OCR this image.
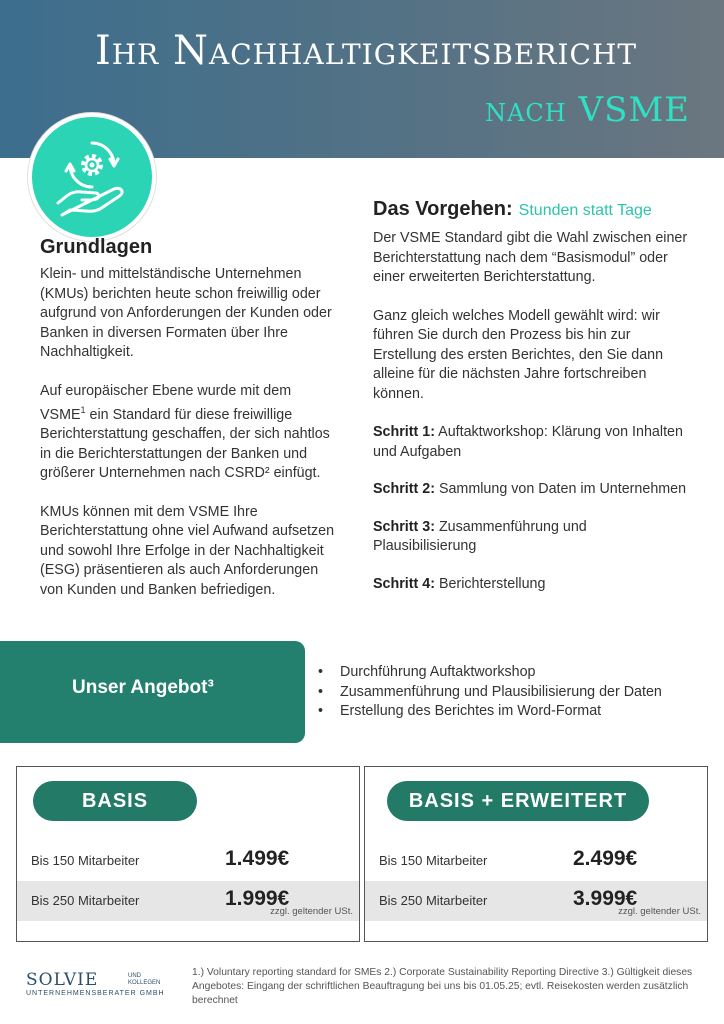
Ihr Nachhaltigkeitsbericht
nach VSME
Grundlagen

Klein- und mittelständische Unternehmen (KMUs) berichten heute schon freiwillig oder aufgrund von Anforderungen der Kunden oder Banken in diversen Formaten über Ihre Nachhaltigkeit.

Auf europäischer Ebene wurde mit dem VSME$^1$ ein Standard für diese freiwillige Berichterstattung geschaffen, der sich nahtlos in die Berichterstattungen der Banken und größerer Unternehmen nach CSRD² einfügt.

KMUs können mit dem VSME Ihre Berichterstattung ohne viel Aufwand aufsetzen und sowohl Ihre Erfolge in der Nachhaltigkeit (ESG) präsentieren als auch Anforderungen von Kunden und Banken befriedigen.

Das Vorgehen: Stunden statt Tage

Der VSME Standard gibt die Wahl zwischen einer Berichterstattung nach dem “Basismodul” oder einer erweiterten Berichterstattung.

Ganz gleich welches Modell gewählt wird: wir führen Sie durch den Prozess bis hin zur Erstellung des ersten Berichtes, den Sie dann alleine für die nächsten Jahre fortschreiben können.

Schritt 1: Auftaktworkshop: Klärung von Inhalten und Aufgaben

Schritt 2: Sammlung von Daten im Unternehmen

Schritt 3: Zusammenführung und Plausibilisierung

Schritt 4: Berichterstellung

Unser Angebot³
• Durchführung Auftaktworkshop
• Zusammenführung und Plausibilisierung der Daten
• Erstellung des Berichtes im Word-Format
BASIS
Bis 150 Mitarbeiter	1.499€
Bis 250 Mitarbeiter	1.999€
zzgl. geltender USt.
BASIS + ERWEITERT
Bis 150 Mitarbeiter	2.499€
Bis 250 Mitarbeiter	3.999€
zzgl. geltender USt.
SOLVIE	UND KOLLEGEN
UNTERNEHMENSBERATER GMBH
1.) Voluntary reporting standard for SMEs 2.) Corporate Sustainability Reporting Directive 3.) Gültigkeit dieses Angebotes: Eingang der schriftlichen Beauftragung bei uns bis 01.05.25; evtl. Reisekosten werden zusätzlich berechnet
